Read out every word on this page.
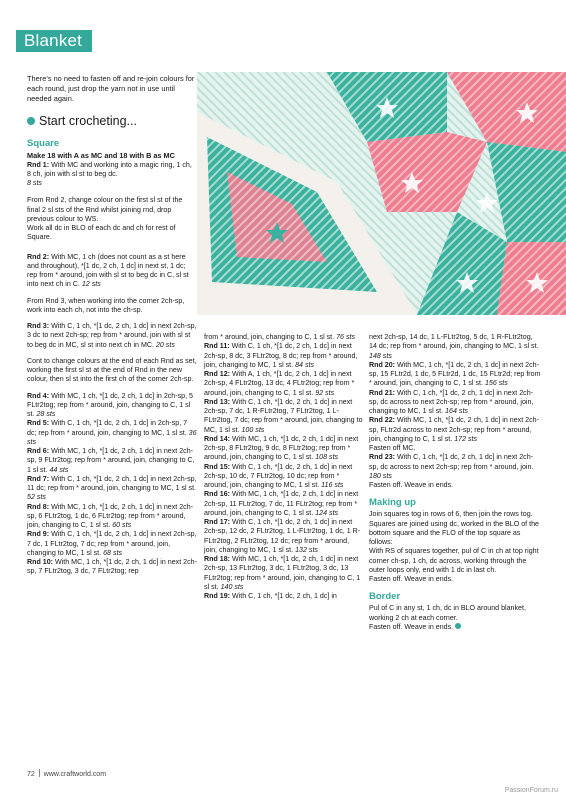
Blanket
There’s no need to fasten off and re-join colours for each round, just drop the yarn not in use until needed again.
Start crocheting...
Square
Make 18 with A as MC and 18 with B as MC
Rnd 1: With MC and working into a magic ring, 1 ch, 8 ch, join with sl st to beg dc.
8 sts
From Rnd 2, change colour on the first sl st of the final 2 sl sts of the Rnd whilst joining rnd, drop previous colour to WS.
Work all dc in BLO of each dc and ch for rest of Square.
Rnd 2: With MC, 1 ch (does not count as a st here and throughout), *[1 dc, 2 ch, 1 dc] in next st, 1 dc; rep from * around, join with sl st to beg dc in C, sl st into next ch in C. 12 sts
From Rnd 3, when working into the corner 2ch-sp, work into each ch, not into the ch-sp.
Rnd 3: With C, 1 ch, *[1 dc, 2 ch, 1 dc] in next 2ch-sp, 3 dc to next 2ch-sp; rep from * around, join with sl st to beg dc in MC, sl st into next ch in MC. 20 sts
Cont to change colours at the end of each Rnd as set, working the first sl st at the end of Rnd in the new colour, then sl st into the first ch of the corner 2ch-sp.
Rnd 4: With MC, 1 ch, *[1 dc, 2 ch, 1 dc] in 2ch-sp, 5 FLtr2tog; rep from * around, join, changing to C, 1 sl st. 28 sts
Rnd 5: With C, 1 ch, *[1 dc, 2 ch, 1 dc] in 2ch-sp, 7 dc; rep from * around, join, changing to MC, 1 sl st. 36 sts
Rnd 6: With MC, 1 ch, *[1 dc, 2 ch, 1 dc] in next 2ch-sp, 9 FLtr2tog; rep from * around, join, changing to C, 1 sl st. 44 sts
Rnd 7: With C, 1 ch, *[1 dc, 2 ch, 1 dc] in next 2ch-sp, 11 dc; rep from * around, join, changing to MC, 1 sl st. 52 sts
Rnd 8: With MC, 1 ch, *[1 dc, 2 ch, 1 dc] in next 2ch-sp, 6 FLtr2tog, 1 dc, 6 FLtr2tog; rep from * around, join, changing to C, 1 sl st. 60 sts
Rnd 9: With C, 1 ch, *[1 dc, 2 ch, 1 dc] in next 2ch-sp, 7 dc, 1 FLtr2tog, 7 dc; rep from * around, join, changing to MC, 1 sl st. 68 sts
Rnd 10: With MC, 1 ch, *[1 dc, 2 ch, 1 dc] in next 2ch-sp, 7 FLtr2tog, 3 dc, 7 FLtr2tog; rep
from * around, join, changing to C, 1 sl st. 76 sts
Rnd 11: With C, 1 ch, *[1 dc, 2 ch, 1 dc] in next 2ch-sp, 8 dc, 3 FLtr2tog, 8 dc; rep from * around, join, changing to MC, 1 sl st. 84 sts
Rnd 12: With A, 1 ch, *[1 dc, 2 ch, 1 dc] in next 2ch-sp, 4 FLtr2tog, 13 dc, 4 FLtr2tog; rep from * around, join, changing to C, 1 sl st. 92 sts
Rnd 13: With C, 1 ch, *[1 dc, 2 ch, 1 dc] in next 2ch-sp, 7 dc, 1 R-FLtr2tog, 7 FLtr2tog, 1 L-FLtr2tog, 7 dc; rep from * around, join, changing to MC, 1 sl st. 100 sts
Rnd 14: With MC, 1 ch, *[1 dc, 2 ch, 1 dc] in next 2ch-sp, 8 FLtr2tog, 9 dc, 8 FLtr2tog; rep from * around, join, changing to C, 1 sl st. 108 sts
Rnd 15: With C, 1 ch, *[1 dc, 2 ch, 1 dc] in next 2ch-sp, 10 dc, 7 FLtr2tog, 10 dc; rep from * around, join, changing to MC, 1 sl st. 116 sts
Rnd 16: With MC, 1 ch, *[1 dc, 2 ch, 1 dc] in next 2ch-sp, 11 FLtr2tog, 7 dc, 11 FLtr2tog; rep from * around, join, changing to C, 1 sl st. 124 sts
Rnd 17: With C, 1 ch, *[1 dc, 2 ch, 1 dc] in next 2ch-sp, 12 dc, 2 FLtr2tog, 1 L-FLtr2tog, 1 dc, 1 R-FLtr2tog, 2 FLtr2tog, 12 dc; rep from * around, join, changing to MC, 1 sl st. 132 sts
Rnd 18: With MC, 1 ch, *[1 dc, 2 ch, 1 dc] in next 2ch-sp, 13 FLtr2tog, 3 dc, 1 FLtr2tog, 3 dc, 13 FLtr2tog; rep from * around, join, changing to C, 1 sl st. 140 sts
Rnd 19: With C, 1 ch, *[1 dc, 2 ch, 1 dc] in
next 2ch-sp, 14 dc, 1 L-FLtr2tog, 5 dc, 1 R-FLtr2tog, 14 dc; rep from * around, join, changing to MC, 1 sl st. 148 sts
Rnd 20: With MC, 1 ch, *[1 dc, 2 ch, 1 dc] in next 2ch-sp, 15 FLtr2d, 1 dc, 5 FLtr2d, 1 dc, 15 FLtr2d; rep from * around, join, changing to C, 1 sl st. 156 sts
Rnd 21: With C, 1 ch, *[1 dc, 2 ch, 1 dc] in next 2ch-sp, dc across to next 2ch-sp; rep from * around, join, changing to MC, 1 sl st. 164 sts
Rnd 22: With MC, 1 ch, *[1 dc, 2 ch, 1 dc] in next 2ch-sp, FLtr2d across to next 2ch-sp; rep from * around, join, changing to C, 1 sl st. 172 sts
Fasten off MC.
Rnd 23: With C, 1 ch, *[1 dc, 2 ch, 1 dc] in next 2ch-sp, dc across to next 2ch-sp; rep from * around, join. 180 sts
Fasten off. Weave in ends.
Making up
Join squares tog in rows of 6, then join the rows tog. Squares are joined using dc, worked in the BLO of the bottom square and the FLO of the top square as follows:
With RS of squares together, pul of C in ch at top right corner ch-sp, 1 ch, dc across, working through the outer loops only, end with 1 dc in last ch.
Fasten off. Weave in ends.
Border
Pul of C in any st, 1 ch, dc in BLO around blanket, working 2 ch at each corner.
Fasten off. Weave in ends.
72 www.craftworld.com
PassionForum.ru
